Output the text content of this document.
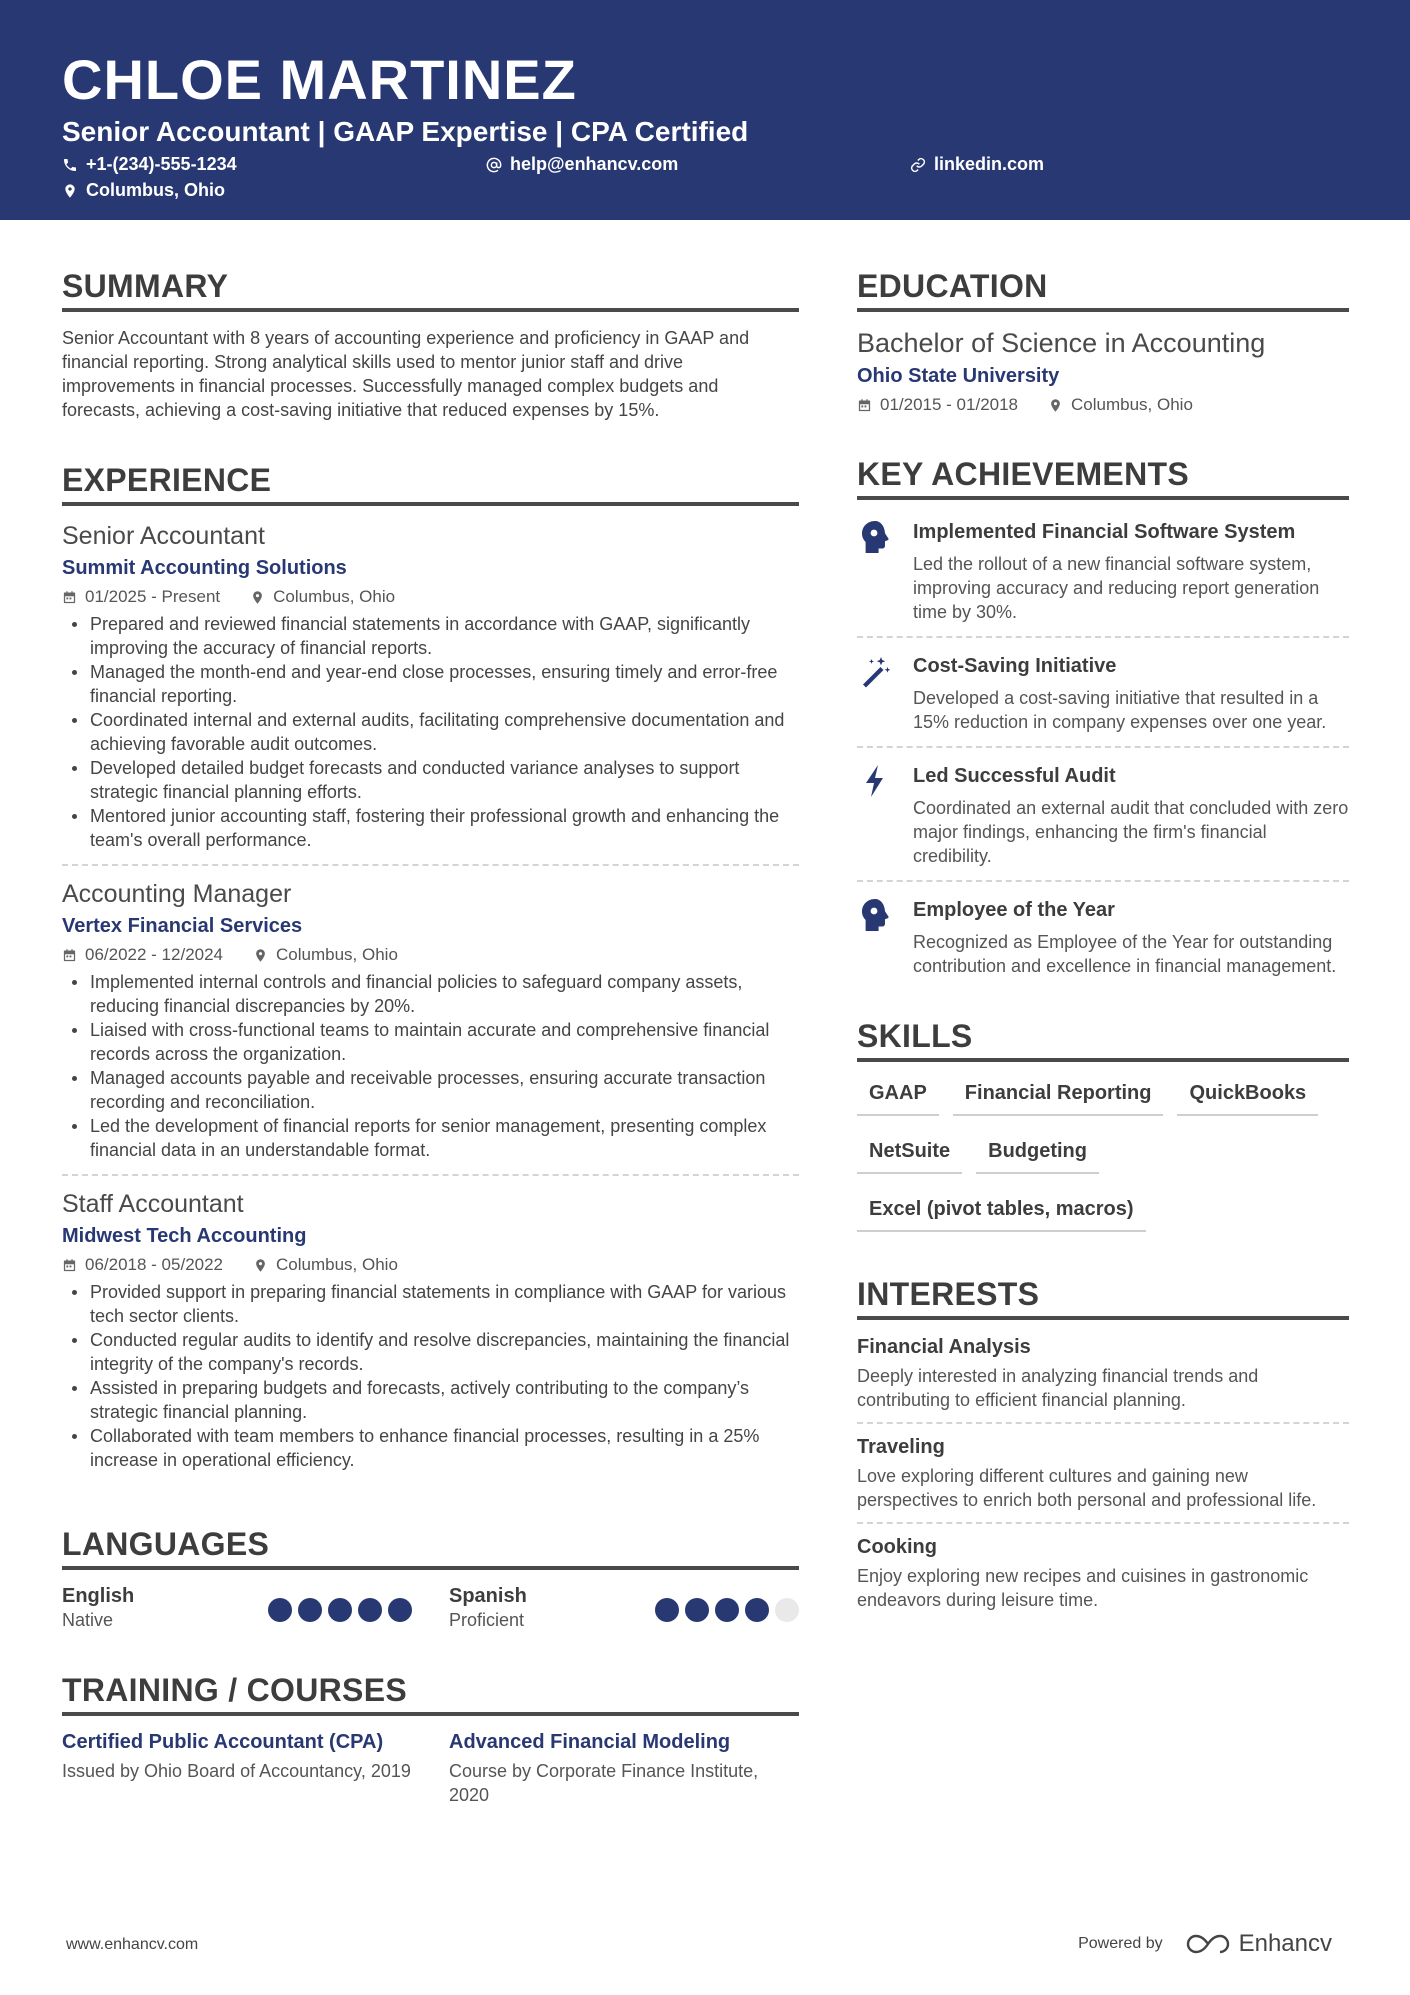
CHLOE MARTINEZ
Senior Accountant | GAAP Expertise | CPA Certified
+1-(234)-555-1234	help@enhancv.com	linkedin.com
Columbus, Ohio
SUMMARY
Senior Accountant with 8 years of accounting experience and proficiency in GAAP and financial reporting. Strong analytical skills used to mentor junior staff and drive improvements in financial processes. Successfully managed complex budgets and forecasts, achieving a cost-saving initiative that reduced expenses by 15%.
EXPERIENCE
Senior Accountant
Summit Accounting Solutions
01/2025 - Present	Columbus, Ohio
Prepared and reviewed financial statements in accordance with GAAP, significantly improving the accuracy of financial reports.
Managed the month-end and year-end close processes, ensuring timely and error-free financial reporting.
Coordinated internal and external audits, facilitating comprehensive documentation and achieving favorable audit outcomes.
Developed detailed budget forecasts and conducted variance analyses to support strategic financial planning efforts.
Mentored junior accounting staff, fostering their professional growth and enhancing the team's overall performance.
Accounting Manager
Vertex Financial Services
06/2022 - 12/2024	Columbus, Ohio
Implemented internal controls and financial policies to safeguard company assets, reducing financial discrepancies by 20%.
Liaised with cross-functional teams to maintain accurate and comprehensive financial records across the organization.
Managed accounts payable and receivable processes, ensuring accurate transaction recording and reconciliation.
Led the development of financial reports for senior management, presenting complex financial data in an understandable format.
Staff Accountant
Midwest Tech Accounting
06/2018 - 05/2022	Columbus, Ohio
Provided support in preparing financial statements in compliance with GAAP for various tech sector clients.
Conducted regular audits to identify and resolve discrepancies, maintaining the financial integrity of the company's records.
Assisted in preparing budgets and forecasts, actively contributing to the company’s strategic financial planning.
Collaborated with team members to enhance financial processes, resulting in a 25% increase in operational efficiency.
LANGUAGES
English
Native
Spanish
Proficient
TRAINING / COURSES
Certified Public Accountant (CPA)
Issued by Ohio Board of Accountancy, 2019
Advanced Financial Modeling
Course by Corporate Finance Institute, 2020
EDUCATION
Bachelor of Science in Accounting
Ohio State University
01/2015 - 01/2018	Columbus, Ohio
KEY ACHIEVEMENTS
Implemented Financial Software System
Led the rollout of a new financial software system, improving accuracy and reducing report generation time by 30%.
Cost-Saving Initiative
Developed a cost-saving initiative that resulted in a 15% reduction in company expenses over one year.
Led Successful Audit
Coordinated an external audit that concluded with zero major findings, enhancing the firm's financial credibility.
Employee of the Year
Recognized as Employee of the Year for outstanding contribution and excellence in financial management.
SKILLS
GAAP	Financial Reporting	QuickBooks
NetSuite	Budgeting
Excel (pivot tables, macros)
INTERESTS
Financial Analysis
Deeply interested in analyzing financial trends and contributing to efficient financial planning.
Traveling
Love exploring different cultures and gaining new perspectives to enrich both personal and professional life.
Cooking
Enjoy exploring new recipes and cuisines in gastronomic endeavors during leisure time.
www.enhancv.com	Powered by	Enhancv
